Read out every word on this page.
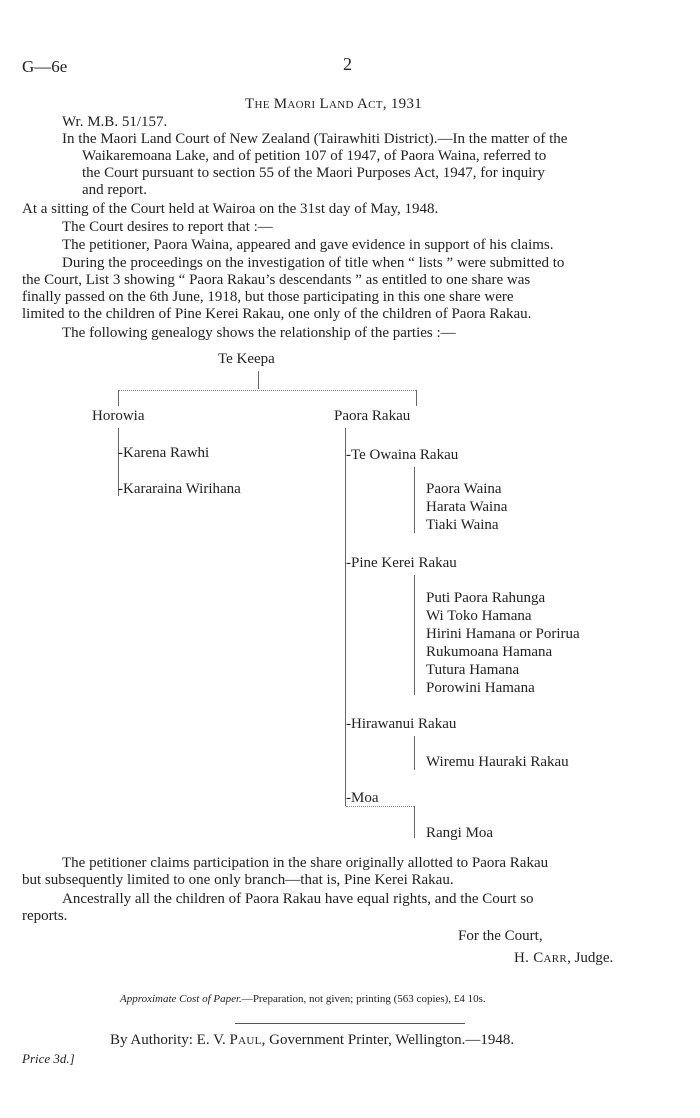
G—6e	2
The Maori Land Act, 1931
Wr. M.B. 51/157.
In the Maori Land Court of New Zealand (Tairawhiti District).—In the matter of the
Waikaremoana Lake, and of petition 107 of 1947, of Paora Waina, referred to
the Court pursuant to section 55 of the Maori Purposes Act, 1947, for inquiry
and report.
At a sitting of the Court held at Wairoa on the 31st day of May, 1948.
The Court desires to report that :—
The petitioner, Paora Waina, appeared and gave evidence in support of his claims.
During the proceedings on the investigation of title when “ lists ” were submitted to
the Court, List 3 showing “ Paora Rakau’s descendants ” as entitled to one share was
finally passed on the 6th June, 1918, but those participating in this one share were
limited to the children of Pine Kerei Rakau, one only of the children of Paora Rakau.
The following genealogy shows the relationship of the parties :—
Te Keepa
Horowia	Paora Rakau
-Karena Rawhi
-Kararaina Wirihana
-Te Owaina Rakau
Paora Waina
Harata Waina
Tiaki Waina
-Pine Kerei Rakau
Puti Paora Rahunga
Wi Toko Hamana
Hirini Hamana or Porirua
Rukumoana Hamana
Tutura Hamana
Porowini Hamana
-Hirawanui Rakau
Wiremu Hauraki Rakau
-Moa
Rangi Moa
The petitioner claims participation in the share originally allotted to Paora Rakau
but subsequently limited to one only branch—that is, Pine Kerei Rakau.
Ancestrally all the children of Paora Rakau have equal rights, and the Court so
reports.
For the Court,
H. Carr, Judge.
Approximate Cost of Paper.—Preparation, not given; printing (563 copies), £4 10s.
By Authority: E. V. Paul, Government Printer, Wellington.—1948.
Price 3d.]
